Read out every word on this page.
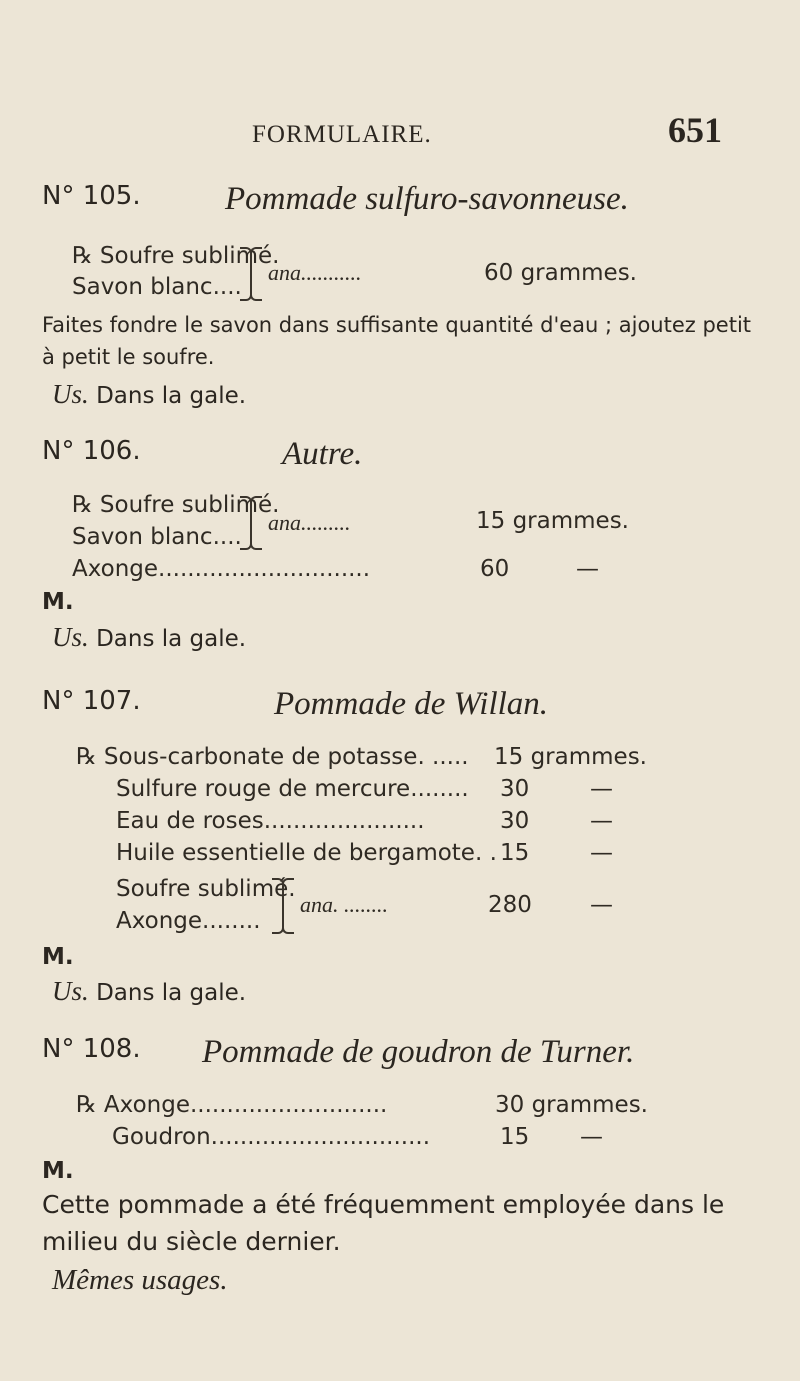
FORMULAIRE.	651
N° 105.	Pommade sulfuro-savonneuse.
℞ Soufre sublimé.
Savon blanc....
ana...........	60 grammes.
Faites fondre le savon dans suffisante quantité d'eau ; ajoutez petit à petit le soufre.
Us. Dans la gale.
N° 106.	Autre.
℞ Soufre sublimé.
Savon blanc....
ana.........	15 grammes.
Axonge.............................	60	—
M.
Us. Dans la gale.
N° 107.	Pommade de Willan.
℞ Sous-carbonate de potasse. ..... 15 grammes.
Sulfure rouge de mercure........ 30	—
Eau de roses......................	30	—
Huile essentielle de bergamote. . 15	—
Soufre sublimé.
Axonge........
ana. ........	280	—
M.
Us. Dans la gale.
N° 108. Pommade de goudron de Turner.
℞ Axonge...........................	30 grammes.
Goudron..............................	15 —
M.
Cette pommade a été fréquemment employée dans le milieu du siècle dernier.
Mêmes usages.
